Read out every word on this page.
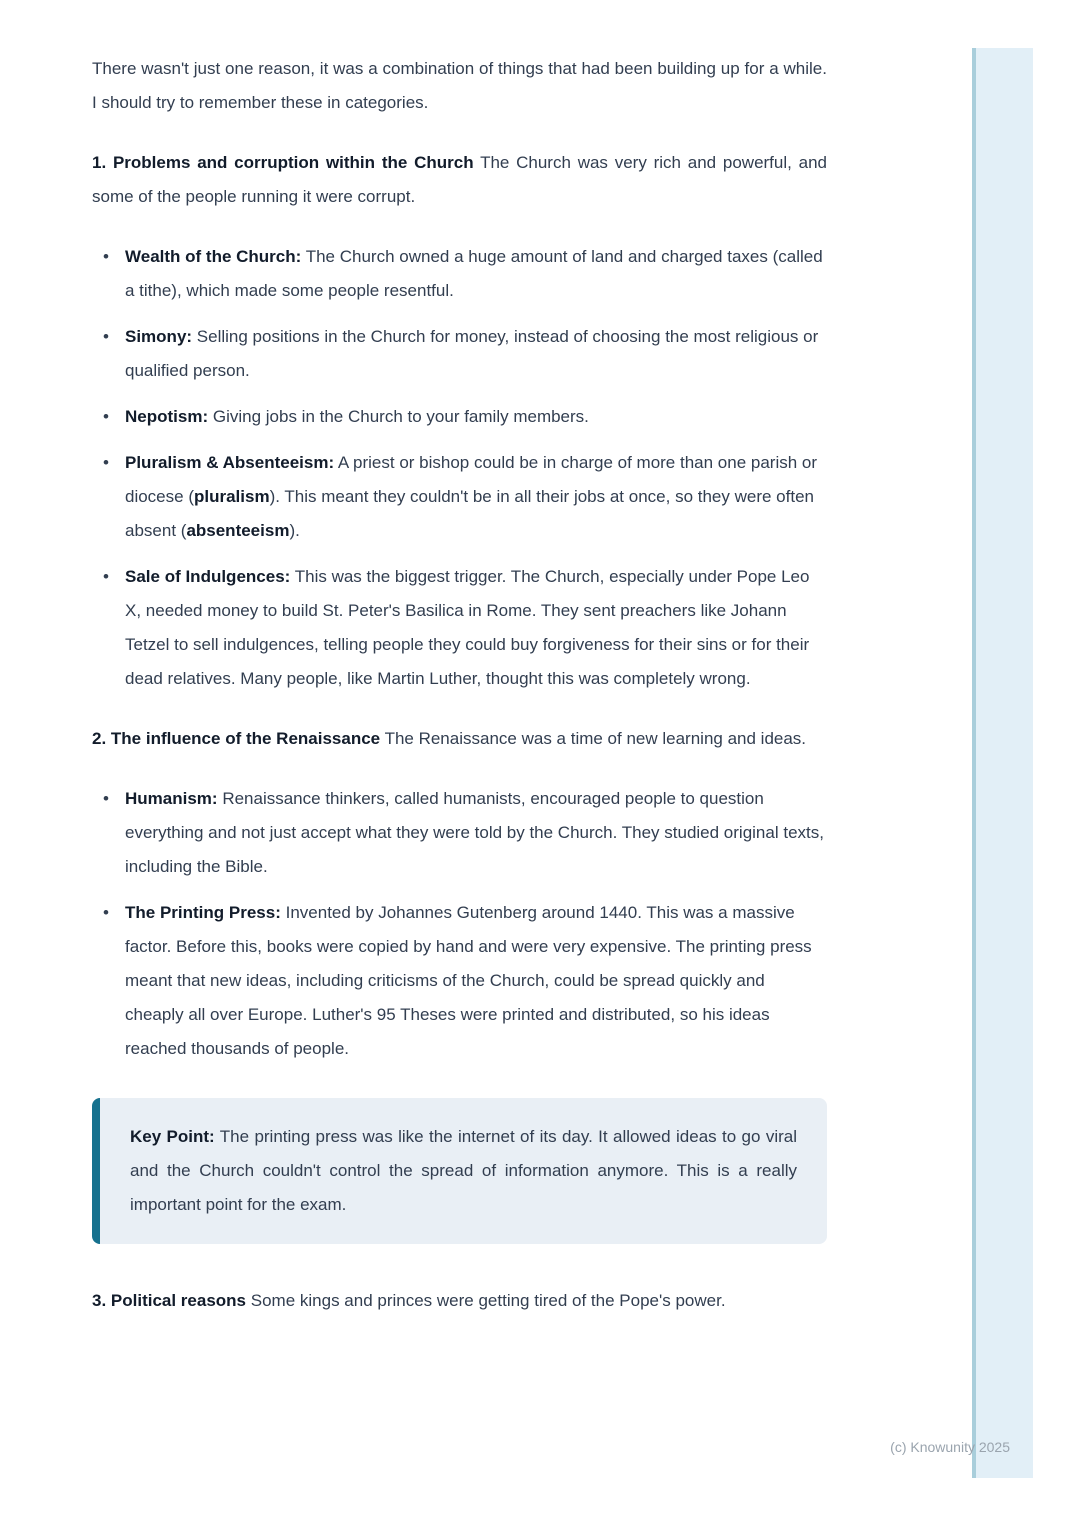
There wasn't just one reason, it was a combination of things that had been building up for a while. I should try to remember these in categories.

1. Problems and corruption within the Church The Church was very rich and powerful, and some of the people running it were corrupt.

• Wealth of the Church: The Church owned a huge amount of land and charged taxes (called a tithe), which made some people resentful.
• Simony: Selling positions in the Church for money, instead of choosing the most religious or qualified person.
• Nepotism: Giving jobs in the Church to your family members.
• Pluralism & Absenteeism: A priest or bishop could be in charge of more than one parish or diocese (pluralism). This meant they couldn't be in all their jobs at once, so they were often absent (absenteeism).
• Sale of Indulgences: This was the biggest trigger. The Church, especially under Pope Leo X, needed money to build St. Peter's Basilica in Rome. They sent preachers like Johann Tetzel to sell indulgences, telling people they could buy forgiveness for their sins or for their dead relatives. Many people, like Martin Luther, thought this was completely wrong.

2. The influence of the Renaissance The Renaissance was a time of new learning and ideas.

• Humanism: Renaissance thinkers, called humanists, encouraged people to question everything and not just accept what they were told by the Church. They studied original texts, including the Bible.
• The Printing Press: Invented by Johannes Gutenberg around 1440. This was a massive factor. Before this, books were copied by hand and were very expensive. The printing press meant that new ideas, including criticisms of the Church, could be spread quickly and cheaply all over Europe. Luther's 95 Theses were printed and distributed, so his ideas reached thousands of people.
Key Point: The printing press was like the internet of its day. It allowed ideas to go viral and the Church couldn't control the spread of information anymore. This is a really important point for the exam.

3. Political reasons Some kings and princes were getting tired of the Pope's power.

(c) Knowunity 2025
